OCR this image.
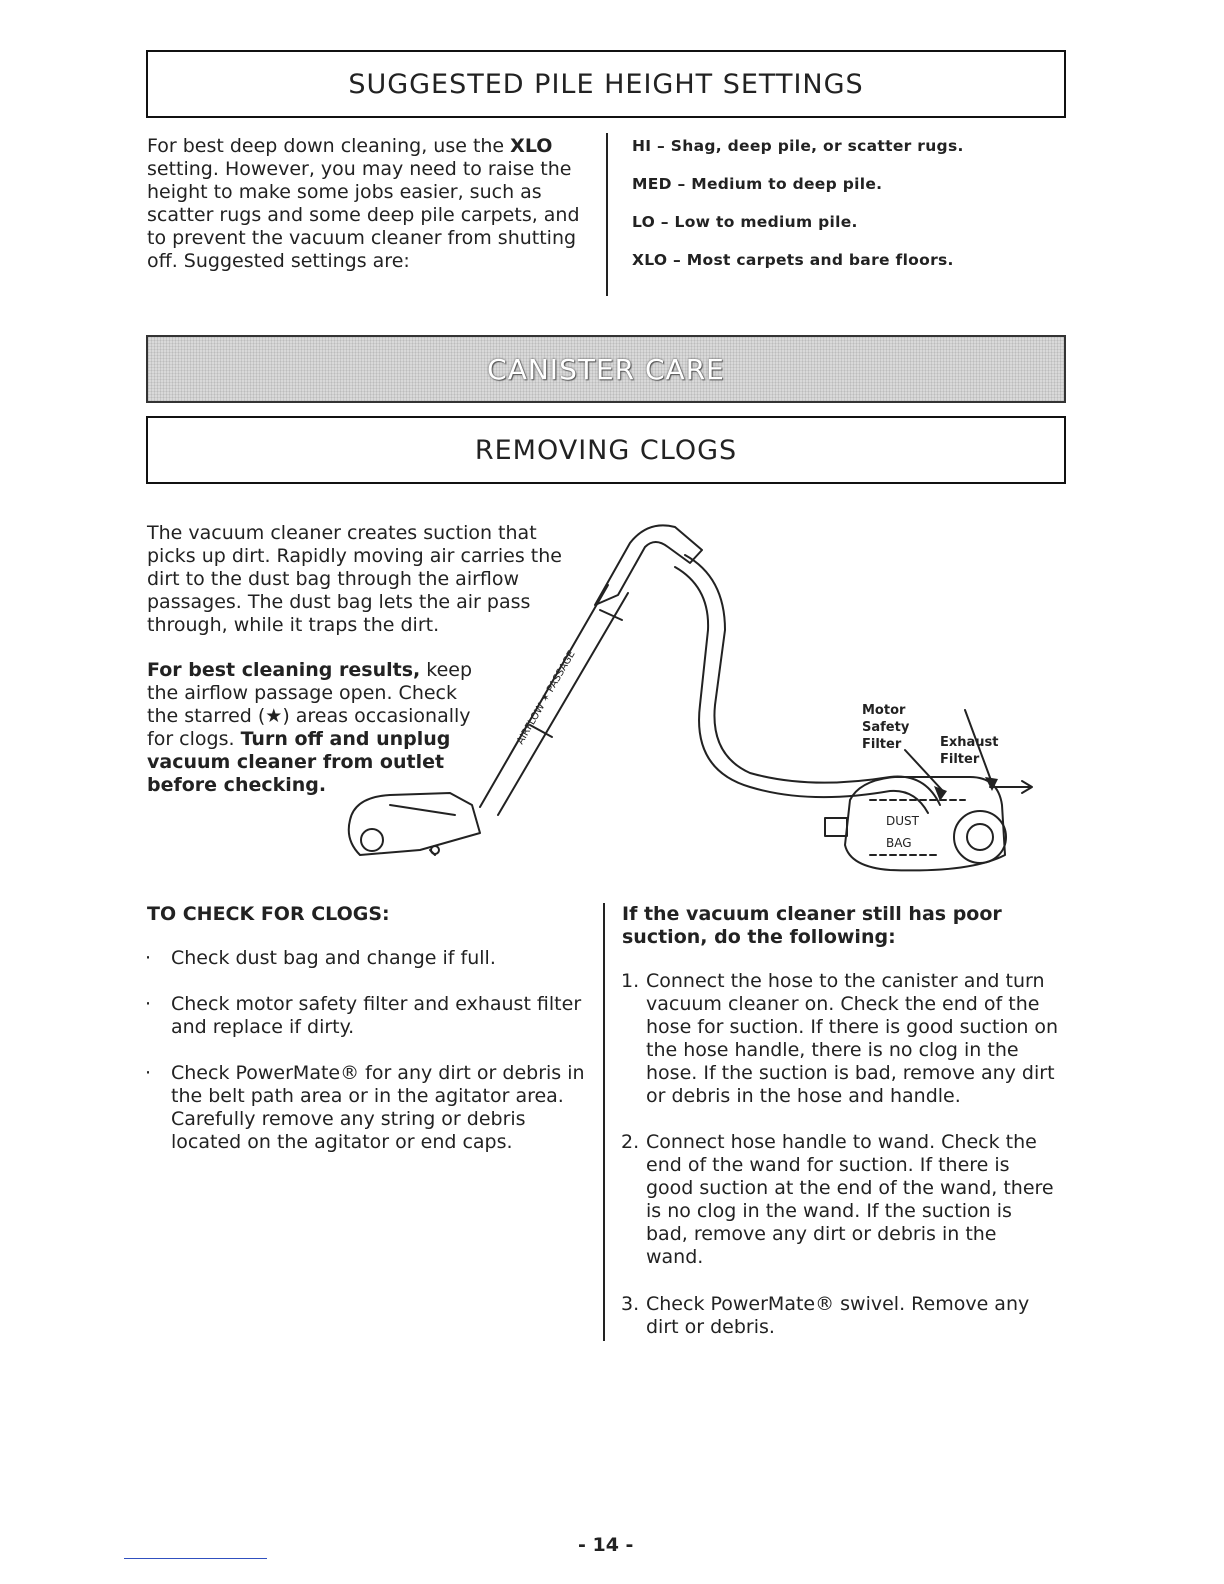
SUGGESTED PILE HEIGHT SETTINGS

For best deep down cleaning, use the XLO setting. However, you may need to raise the height to make some jobs easier, such as scatter rugs and some deep pile carpets, and to prevent the vacuum cleaner from shutting off. Suggested settings are:

HI – Shag, deep pile, or scatter rugs.
MED – Medium to deep pile.
LO – Low to medium pile.
XLO – Most carpets and bare floors.
CANISTER CARE
REMOVING CLOGS

The vacuum cleaner creates suction that picks up dirt. Rapidly moving air carries the dirt to the dust bag through the airflow passages. The dust bag lets the air pass through, while it traps the dirt.

For best cleaning results, keep the airflow passage open. Check the starred (★) areas occasionally for clogs. Turn off and unplug vacuum cleaner from outlet before checking.

AIRFLOW ✶ PASSAGE
DUST
BAG
Motor Safety Filter	Exhaust Filter
TO CHECK FOR CLOGS:
· Check dust bag and change if full.
· Check motor safety filter and exhaust filter and replace if dirty.
· Check PowerMate® for any dirt or debris in the belt path area or in the agitator area. Carefully remove any string or debris located on the agitator or end caps.
If the vacuum cleaner still has poor suction, do the following:
1. Connect the hose to the canister and turn vacuum cleaner on. Check the end of the hose for suction. If there is good suction on the hose handle, there is no clog in the hose. If the suction is bad, remove any dirt or debris in the hose and handle.
2. Connect hose handle to wand. Check the end of the wand for suction. If there is good suction at the end of the wand, there is no clog in the wand. If the suction is bad, remove any dirt or debris in the wand.
3. Check PowerMate® swivel. Remove any dirt or debris.
- 14 -
